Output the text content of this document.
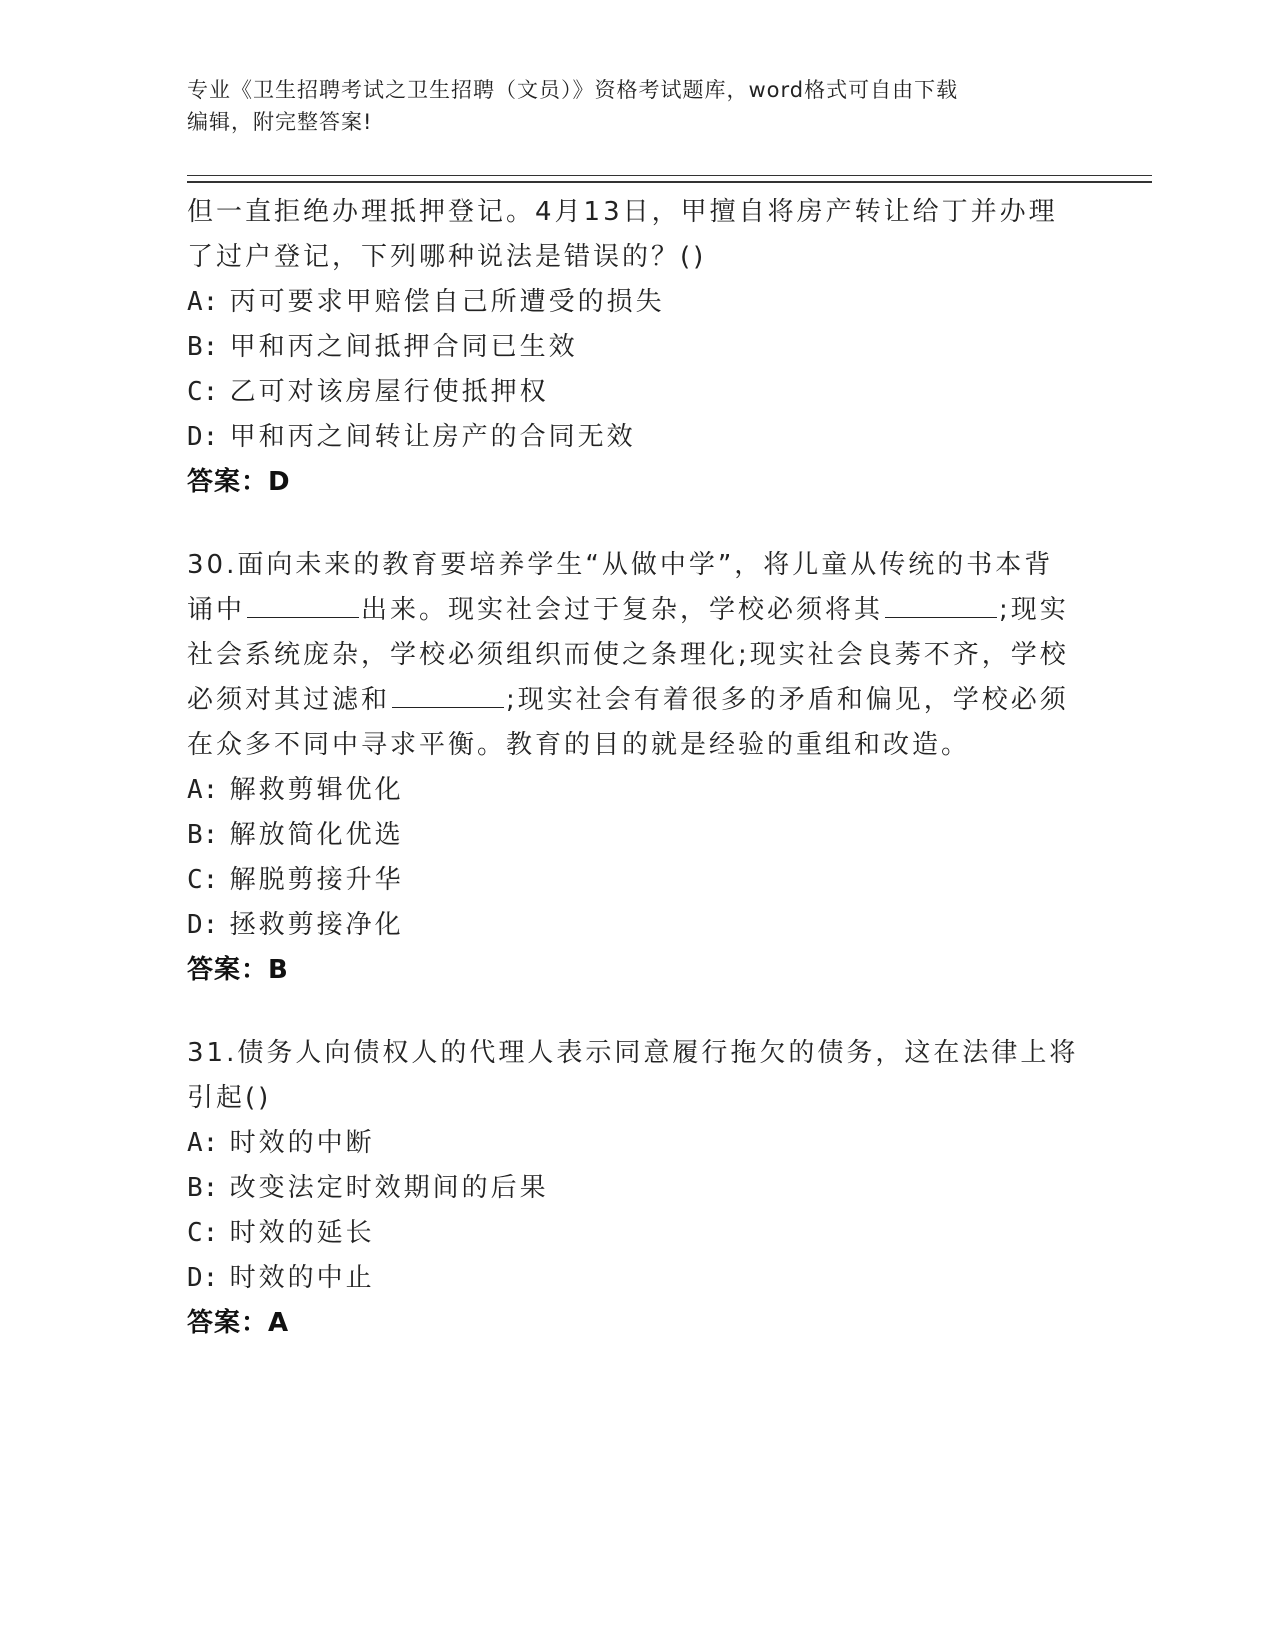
专业《卫生招聘考试之卫生招聘（文员）》资格考试题库，word格式可自由下载
编辑，附完整答案!

但一直拒绝办理抵押登记。4月13日，甲擅自将房产转让给丁并办理
了过户登记，下列哪种说法是错误的？()

A: 丙可要求甲赔偿自己所遭受的损失

B: 甲和丙之间抵押合同已生效

C: 乙可对该房屋行使抵押权

D: 甲和丙之间转让房产的合同无效

答案：D

30.面向未来的教育要培养学生“从做中学”，将儿童从传统的书本背
诵中	出来。现实社会过于复杂，学校必须将其	;现实
社会系统庞杂，学校必须组织而使之条理化;现实社会良莠不齐，学校
必须对其过滤和	;现实社会有着很多的矛盾和偏见，学校必须
在众多不同中寻求平衡。教育的目的就是经验的重组和改造。

A: 解救剪辑优化

B: 解放简化优选

C: 解脱剪接升华

D: 拯救剪接净化

答案：B

31.债务人向债权人的代理人表示同意履行拖欠的债务，这在法律上将
引起()

A: 时效的中断

B: 改变法定时效期间的后果

C: 时效的延长

D: 时效的中止

答案：A
